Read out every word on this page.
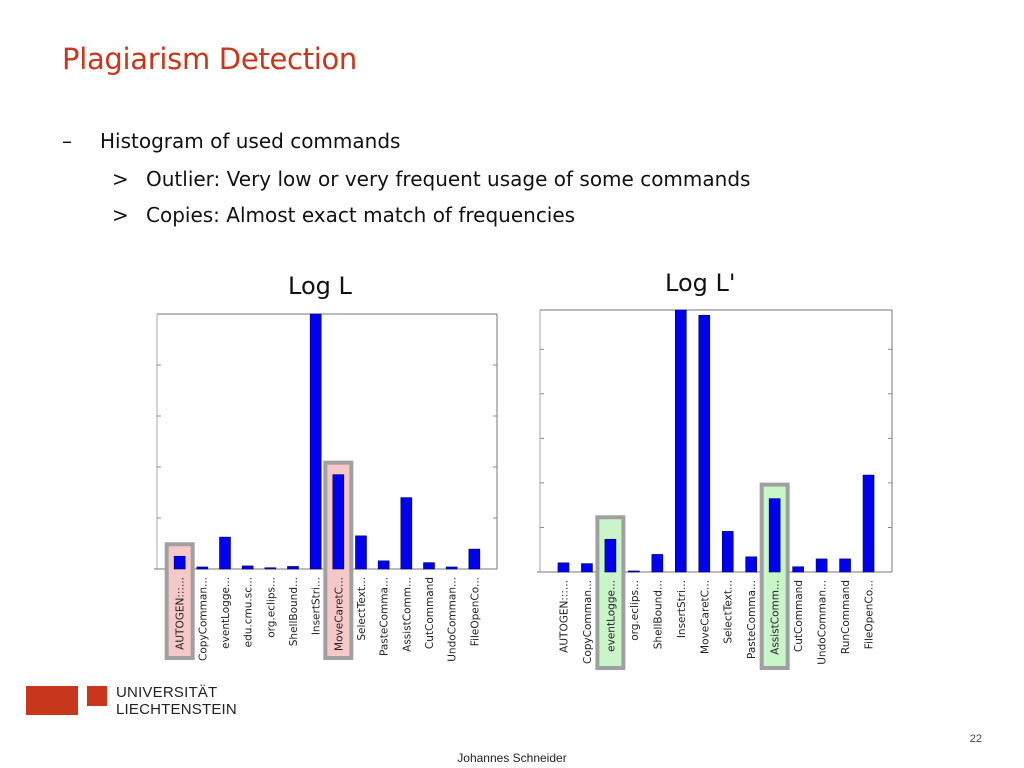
Plagiarism Detection
– Histogram of used commands
> Outlier: Very low or very frequent usage of some commands
> Copies: Almost exact match of frequencies
Log L
AUTOGEN:::... CopyComman... eventLogge... edu.cmu.sc... org.eclips... ShellBound... InsertStri... MoveCaretC... SelectText... PasteComma... AssistComm... CutCommand UndoComman... FileOpenCo...
Log L'
AUTOGEN:::... CopyComman... eventLogge... org.eclips... ShellBound... InsertStri... MoveCaretC... SelectText... PasteComma... AssistComm... CutCommand UndoComman... RunCommand FileOpenCo...
UNIVERSITÄT
LIECHTENSTEIN
22
Johannes Schneider
